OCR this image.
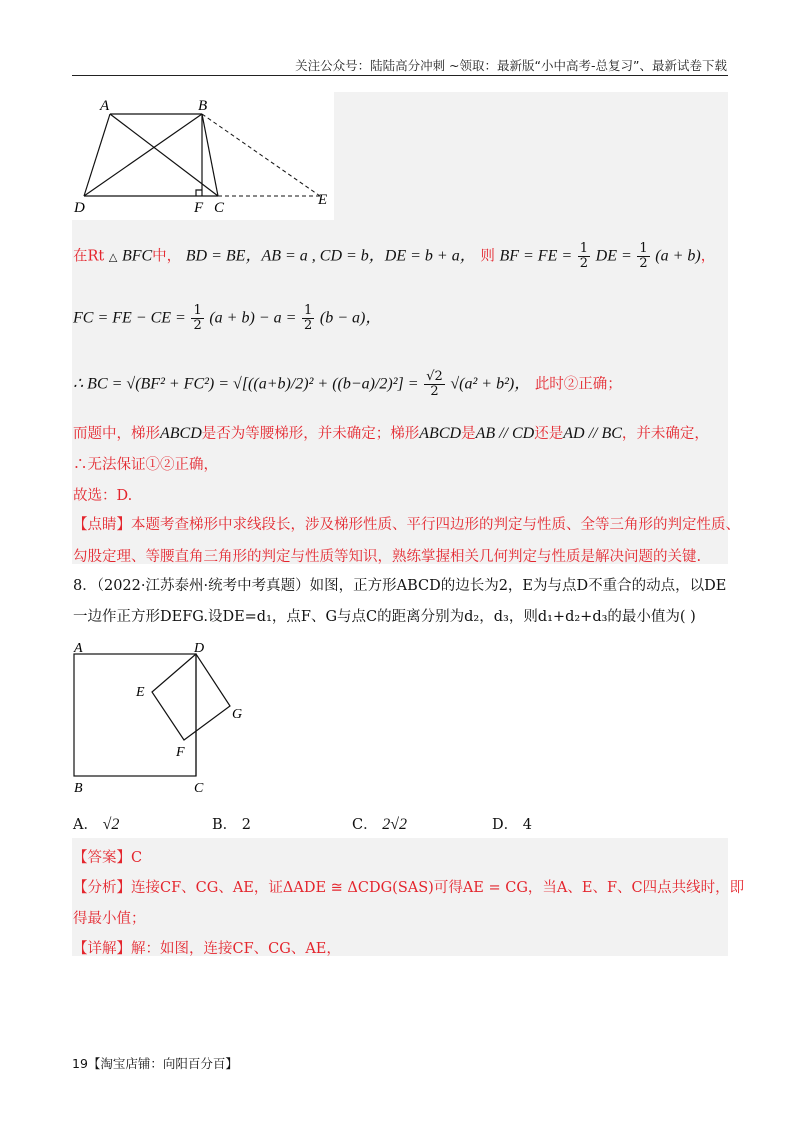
关注公众号：陆陆高分冲刺 ~领取：最新版“小中高考-总复习”、最新试卷下载
A	B
D	F C	E
在Rt △ BFC中， BD = BE，AB = a , CD = b，DE = b + a， 则 BF = FE = $\frac{1}{2}$ DE = $\frac{1}{2} (a + b)$，
FC = FE − CE = $\frac{1}{2} (a + b) - a = \frac{1}{2} (b - a)$，
∴ BC = $√(BF^2 + FC^2) = √[((a+b)/2)^2 + ((b-a)/2)^2] = \frac{√2}{2} √(a^2 + b^2)$， 此时②正确；
而题中，梯形ABCD是否为等腰梯形，并未确定；梯形ABCD是AB // CD还是AD // BC，并未确定，
∴无法保证①②正确，
故选：D.
【点睛】本题考查梯形中求线段长，涉及梯形性质、平行四边形的判定与性质、全等三角形的判定性质、
勾股定理、等腰直角三角形的判定与性质等知识，熟练掌握相关几何判定与性质是解决问题的关键.
8．（2022·江苏泰州·统考中考真题）如图，正方形ABCD的边长为2，E为与点D不重合的动点，以DE
一边作正方形DEFG.设DE=d₁，点F、G与点C的距离分别为d₂，d₃，则d₁+d₂+d₃的最小值为( )
A	D
B	C
E
G
F
A． √2	B． 2	C． 2√2	D． 4
【答案】C
【分析】连接CF、CG、AE，证ΔADE ≅ ΔCDG(SAS)可得AE = CG，当A、E、F、C四点共线时，即
得最小值；
【详解】解：如图，连接CF、CG、AE，
19【淘宝店铺：向阳百分百】
